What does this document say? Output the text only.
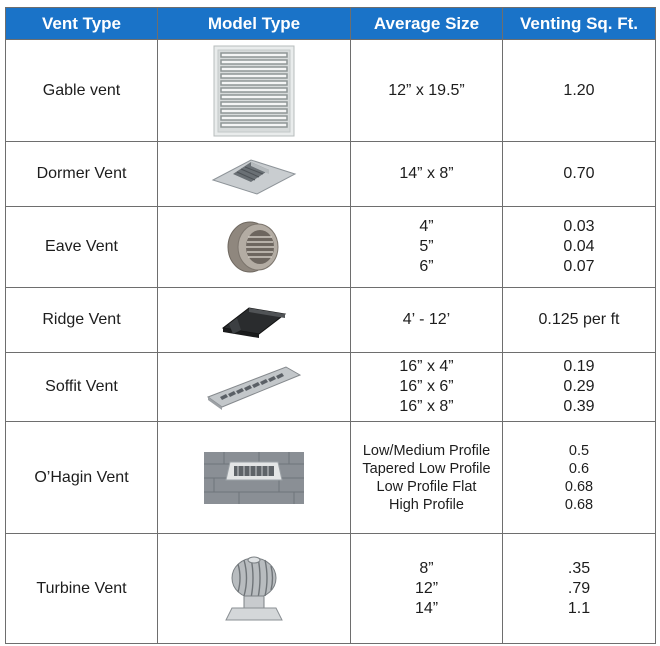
Vent Type	Model Type	Average Size	Venting Sq. Ft.
Gable vent		12” x 19.5”	1.20

Dormer Vent		14” x 8”	0.70

Eave Vent		4”
5”
6”	0.03
0.04
0.07

Ridge Vent		4’ - 12’	0.125 per ft

Soffit Vent		16” x 4”
16” x 6”
16” x 8”	0.19
0.29
0.39

O’Hagin Vent		Low/Medium Profile
Tapered Low Profile
Low Profile Flat
High Profile	0.5
0.6
0.68
0.68

Turbine Vent		8”
12”
14”	.35
.79
1.1
